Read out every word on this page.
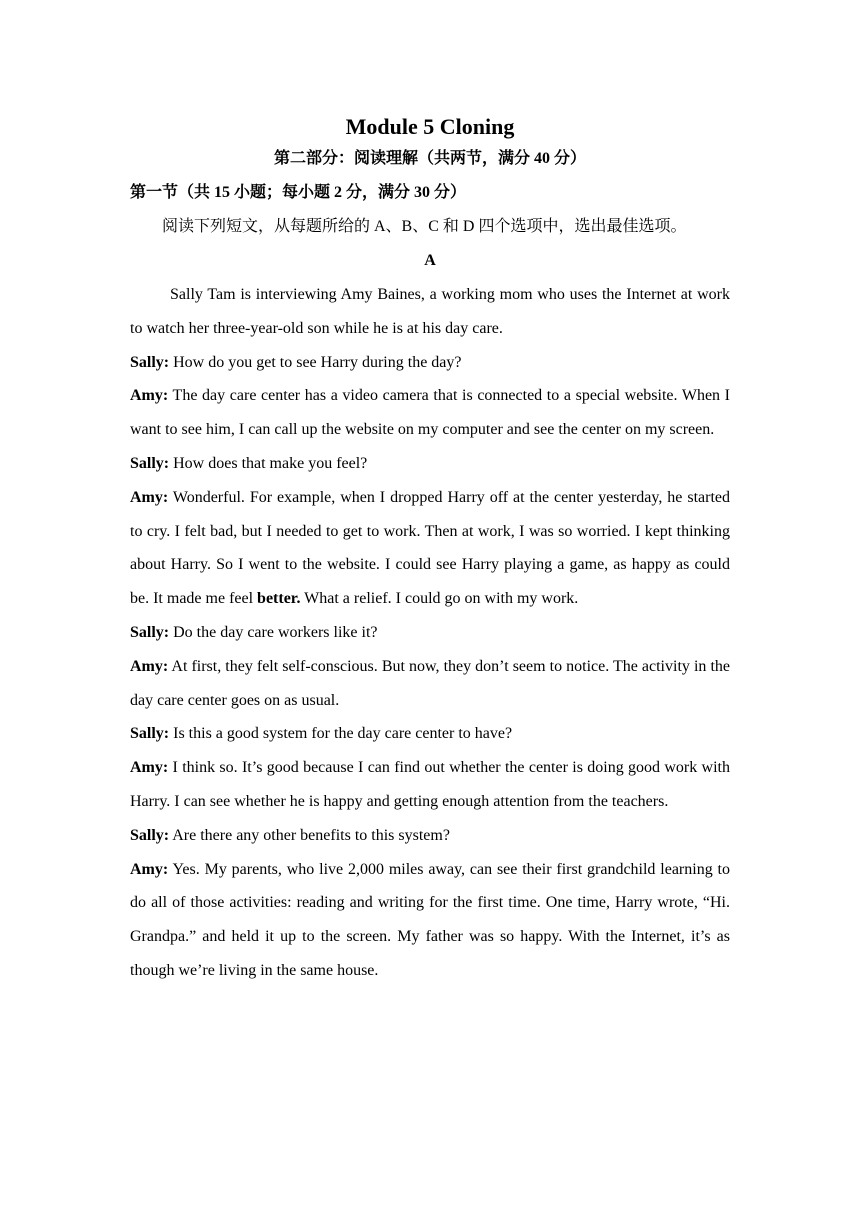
Module 5 Cloning
第二部分：阅读理解（共两节，满分 40 分）
第一节（共 15 小题；每小题 2 分，满分 30 分）
阅读下列短文，从每题所给的 A、B、C 和 D 四个选项中，选出最佳选项。
A

Sally Tam is interviewing Amy Baines, a working mom who uses the Internet at work to watch her three-year-old son while he is at his day care.

Sally: How do you get to see Harry during the day?

Amy: The day care center has a video camera that is connected to a special website. When I want to see him, I can call up the website on my computer and see the center on my screen.

Sally: How does that make you feel?

Amy: Wonderful. For example, when I dropped Harry off at the center yesterday, he started to cry. I felt bad, but I needed to get to work. Then at work, I was so worried. I kept thinking about Harry. So I went to the website. I could see Harry playing a game, as happy as could be. It made me feel better. What a relief. I could go on with my work.

Sally: Do the day care workers like it?

Amy: At first, they felt self-conscious. But now, they don’t seem to notice. The activity in the day care center goes on as usual.

Sally: Is this a good system for the day care center to have?

Amy: I think so. It’s good because I can find out whether the center is doing good work with Harry. I can see whether he is happy and getting enough attention from the teachers.

Sally: Are there any other benefits to this system?

Amy: Yes. My parents, who live 2,000 miles away, can see their first grandchild learning to do all of those activities: reading and writing for the first time. One time, Harry wrote, “Hi. Grandpa.” and held it up to the screen. My father was so happy. With the Internet, it’s as though we’re living in the same house.
